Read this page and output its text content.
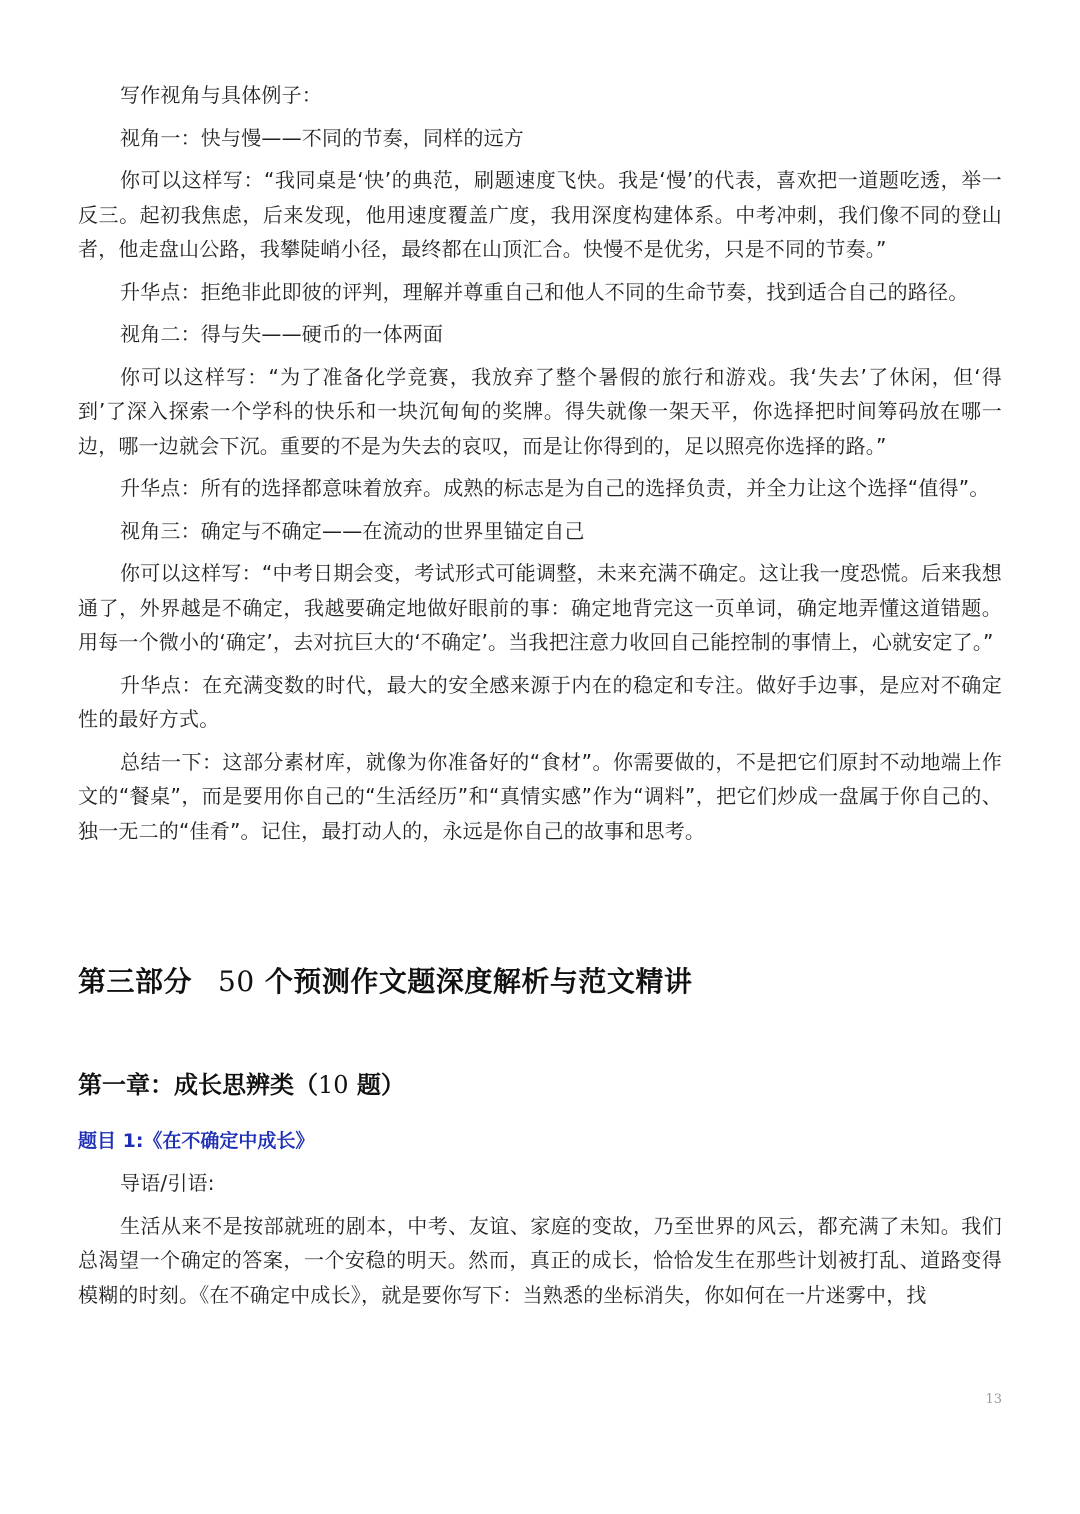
写作视角与具体例子：

视角一：快与慢——不同的节奏，同样的远方

你可以这样写：“我同桌是‘快’的典范，刷题速度飞快。我是‘慢’的代表，喜欢把一道题吃透，举一反三。起初我焦虑，后来发现，他用速度覆盖广度，我用深度构建体系。中考冲刺，我们像不同的登山者，他走盘山公路，我攀陡峭小径，最终都在山顶汇合。快慢不是优劣，只是不同的节奏。”

升华点：拒绝非此即彼的评判，理解并尊重自己和他人不同的生命节奏，找到适合自己的路径。

视角二：得与失——硬币的一体两面

你可以这样写：“为了准备化学竞赛，我放弃了整个暑假的旅行和游戏。我‘失去’了休闲，但‘得到’了深入探索一个学科的快乐和一块沉甸甸的奖牌。得失就像一架天平，你选择把时间筹码放在哪一边，哪一边就会下沉。重要的不是为失去的哀叹，而是让你得到的，足以照亮你选择的路。”

升华点：所有的选择都意味着放弃。成熟的标志是为自己的选择负责，并全力让这个选择“值得”。

视角三：确定与不确定——在流动的世界里锚定自己

你可以这样写：“中考日期会变，考试形式可能调整，未来充满不确定。这让我一度恐慌。后来我想通了，外界越是不确定，我越要确定地做好眼前的事：确定地背完这一页单词，确定地弄懂这道错题。用每一个微小的‘确定’，去对抗巨大的‘不确定’。当我把注意力收回自己能控制的事情上，心就安定了。”

升华点：在充满变数的时代，最大的安全感来源于内在的稳定和专注。做好手边事，是应对不确定性的最好方式。

总结一下：这部分素材库，就像为你准备好的“食材”。你需要做的，不是把它们原封不动地端上作文的“餐桌”，而是要用你自己的“生活经历”和“真情实感”作为“调料”，把它们炒成一盘属于你自己的、独一无二的“佳肴”。记住，最打动人的，永远是你自己的故事和思考。

第三部分 50 个预测作文题深度解析与范文精讲
第一章：成长思辨类（10 题）
题目 1:《在不确定中成长》

导语/引语:

生活从来不是按部就班的剧本，中考、友谊、家庭的变故，乃至世界的风云，都充满了未知。我们总渴望一个确定的答案，一个安稳的明天。然而，真正的成长，恰恰发生在那些计划被打乱、道路变得模糊的时刻。《在不确定中成长》，就是要你写下：当熟悉的坐标消失，你如何在一片迷雾中，找

13
